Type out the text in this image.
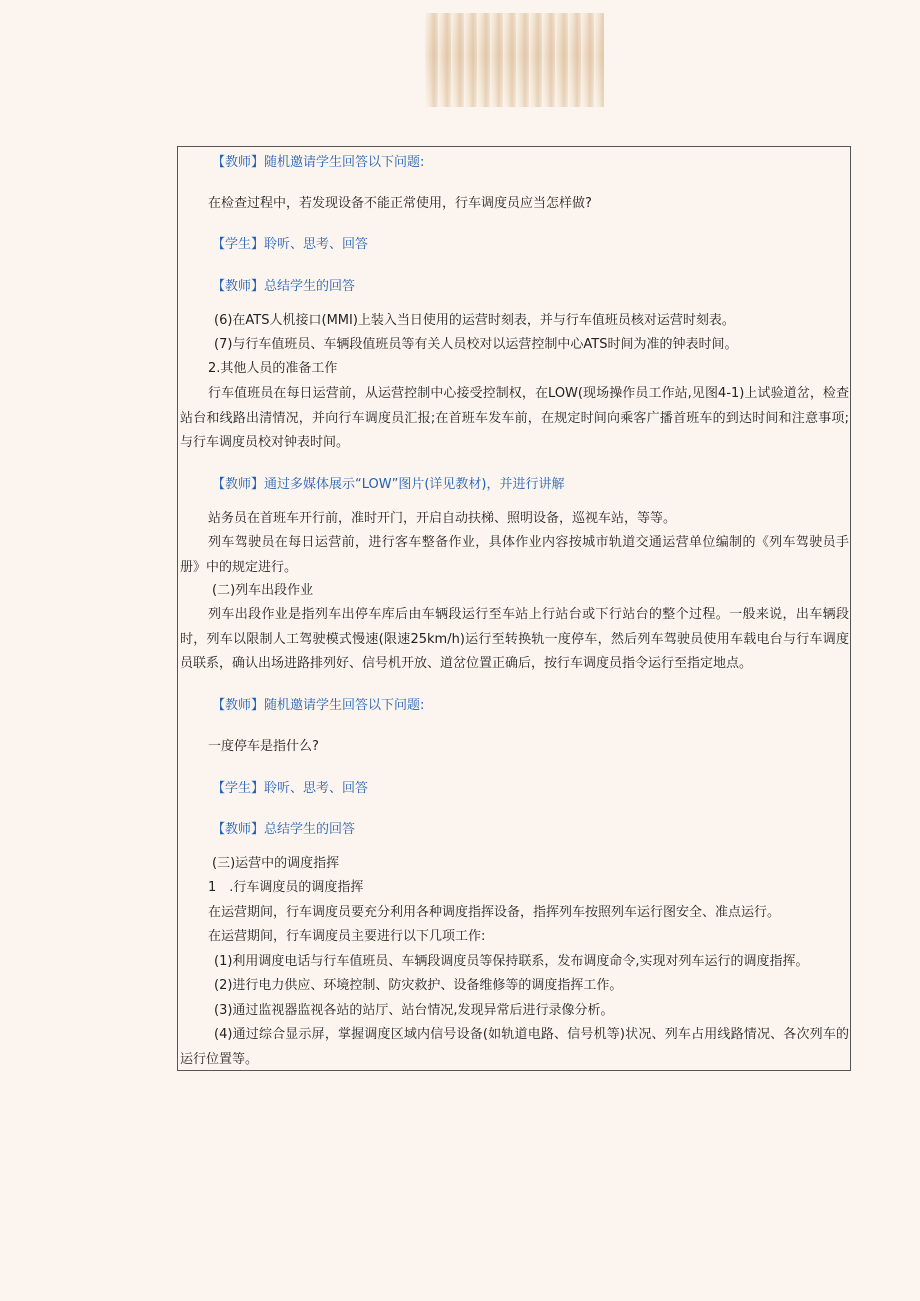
【教师】随机邀请学生回答以下问题:
在检查过程中，若发现设备不能正常使用，行车调度员应当怎样做?
【学生】聆听、思考、回答
【教师】总结学生的回答
(6)在ATS人机接口(MMI)上装入当日使用的运营时刻表，并与行车值班员核对运营时刻表。
(7)与行车值班员、车辆段值班员等有关人员校对以运营控制中心ATS时间为准的钟表时间。
2.其他人员的准备工作
行车值班员在每日运营前，从运营控制中心接受控制权，在LOW(现场操作员工作站,见图4-1)上试验道岔，检查站台和线路出清情况，并向行车调度员汇报;在首班车发车前，在规定时间向乘客广播首班车的到达时间和注意事项;与行车调度员校对钟表时间。
【教师】通过多媒体展示“LOW”图片(详见教材)，并进行讲解
站务员在首班车开行前，准时开门，开启自动扶梯、照明设备，巡视车站，等等。
列车驾驶员在每日运营前，进行客车整备作业，具体作业内容按城市轨道交通运营单位编制的《列车驾驶员手册》中的规定进行。
(二)列车出段作业
列车出段作业是指列车出停车库后由车辆段运行至车站上行站台或下行站台的整个过程。一般来说，出车辆段时，列车以限制人工驾驶模式慢速(限速25km/h)运行至转换轨一度停车，然后列车驾驶员使用车载电台与行车调度员联系，确认出场进路排列好、信号机开放、道岔位置正确后，按行车调度员指令运行至指定地点。
【教师】随机邀请学生回答以下问题:
一度停车是指什么?
【学生】聆听、思考、回答
【教师】总结学生的回答
(三)运营中的调度指挥
1　.行车调度员的调度指挥
在运营期间，行车调度员要充分利用各种调度指挥设备，指挥列车按照列车运行图安全、准点运行。
在运营期间，行车调度员主要进行以下几项工作:
(1)利用调度电话与行车值班员、车辆段调度员等保持联系，发布调度命令,实现对列车运行的调度指挥。
(2)进行电力供应、环境控制、防灾救护、设备维修等的调度指挥工作。
(3)通过监视器监视各站的站厅、站台情况,发现异常后进行录像分析。
(4)通过综合显示屏，掌握调度区域内信号设备(如轨道电路、信号机等)状况、列车占用线路情况、各次列车的运行位置等。
